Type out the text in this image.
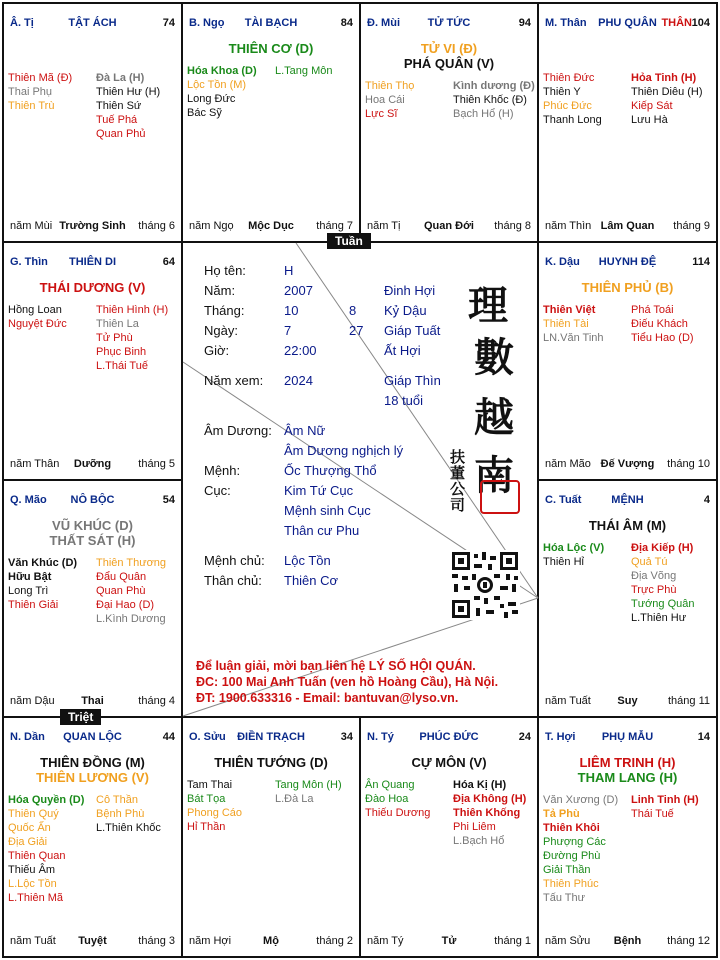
TẬT ÁCH
Â. Tị	74
Thiên Mã (Đ)
Thai Phụ
Thiên Trù
Đà La (H)
Thiên Hư (H)
Thiên Sứ
Tuế Phá
Quan Phủ
năm Mùi Trường Sinh	tháng 6
TÀI BẠCH
B. Ngọ	84
THIÊN CƠ (D)
Hóa Khoa (D)
Lộc Tồn (M)
Long Đức
Bác Sỹ
L.Tang Môn
năm Ngọ	Mộc Dục	tháng 7
TỬ TỨC
Đ. Mùi	94
TỬ VI (Đ)
PHÁ QUÂN (V)
Thiên Thọ
Hoa Cái
Lực Sĩ
Kình dương (Đ)
Thiên Khốc (Đ)
Bạch Hổ (H)
năm Tị	Quan Đới	tháng 8
PHU QUÂN
M. Thân	104
THÂN
Thiên Đức
Thiên Y
Phúc Đức
Thanh Long
Hỏa Tinh (H)
Thiên Diêu (H)
Kiếp Sát
Lưu Hà
năm Thìn Lâm Quan	tháng 9
THIÊN DI
G. Thìn	64
THÁI DƯƠNG (V)
Hồng Loan
Nguyệt Đức
Thiên Hình (H)
Thiên La
Tử Phù
Phục Binh
L.Thái Tuế
năm Thân	Dưỡng	tháng 5
HUYNH ĐỆ
K. Dậu	114
THIÊN PHỦ (B)
Thiên Việt
Thiên Tài
LN.Văn Tinh
Phá Toái
Điếu Khách
Tiểu Hao (D)
năm Mão Đế Vượng	tháng 10
NÔ BỘC
Q. Mão	54
VŨ KHÚC (D)
THẤT SÁT (H)
Văn Khúc (D)
Hữu Bật
Long Trì
Thiên Giải
Thiên Thương
Đẩu Quân
Quan Phù
Đại Hao (D)
L.Kình Dương
năm Dậu	Thai	tháng 4
MỆNH
C. Tuất	4
THÁI ÂM (M)
Hóa Lộc (V)
Thiên Hỉ
Địa Kiếp (H)
Quả Tú
Địa Võng
Trực Phù
Tướng Quân
L.Thiên Hư
năm Tuất	Suy	tháng 11
QUAN LỘC
N. Dần	44
THIÊN ĐỒNG (M)
THIÊN LƯƠNG (V)
Hóa Quyền (D)
Thiên Quý
Quốc Ấn
Địa Giải
Thiên Quan
Thiếu Âm
L.Lộc Tồn
L.Thiên Mã
Cô Thần
Bệnh Phù
L.Thiên Khốc
năm Tuất	Tuyệt	tháng 3
ĐIỀN TRẠCH
O. Sửu	34
THIÊN TƯỚNG (D)
Tam Thai
Bát Tọa
Phong Cáo
Hỉ Thần
Tang Môn (H)
L.Đà La
năm Hợi	Mộ	tháng 2
PHÚC ĐỨC
N. Tý	24
CỰ MÔN (V)
Ân Quang
Đào Hoa
Thiếu Dương
Hóa Kị (H)
Địa Không (H)
Thiên Khống
Phi Liêm
L.Bạch Hổ
năm Tý	Tử	tháng 1
PHỤ MẪU
T. Hợi	14
LIÊM TRINH (H)
THAM LANG (H)
Văn Xương (D)
Tả Phù
Thiên Khôi
Phượng Các
Đường Phù
Giải Thần
Thiên Phúc
Tấu Thư
Linh Tinh (H)
Thái Tuế
năm Sửu	Bệnh	tháng 12
Tuần
Triệt
Họ tên:	H
Năm:	2007	Đinh Hợi
Tháng:	10	8 Kỷ Dậu
Ngày:	7	27 Giáp Tuất
Giờ:	22:00	Ất Hợi
Năm xem: 2024	Giáp Thìn
18 tuổi
Âm Dương: Âm Nữ
Âm Dương nghịch lý
Mệnh:	Ốc Thượng Thổ
Cục:	Kim Tứ Cục
Mệnh sinh Cục
Thân cư Phu
Mệnh chủ: Lộc Tồn
Thân chủ: Thiên Cơ
理
數
越
南
扶
董
公
司
Để luận giải, mời bạn liên hệ LÝ SỐ HỘI QUÁN.
ĐC: 100 Mai Anh Tuấn (ven hồ Hoàng Cầu), Hà Nội.
ĐT: 1900.633316 - Email: bantuvan@lyso.vn.
